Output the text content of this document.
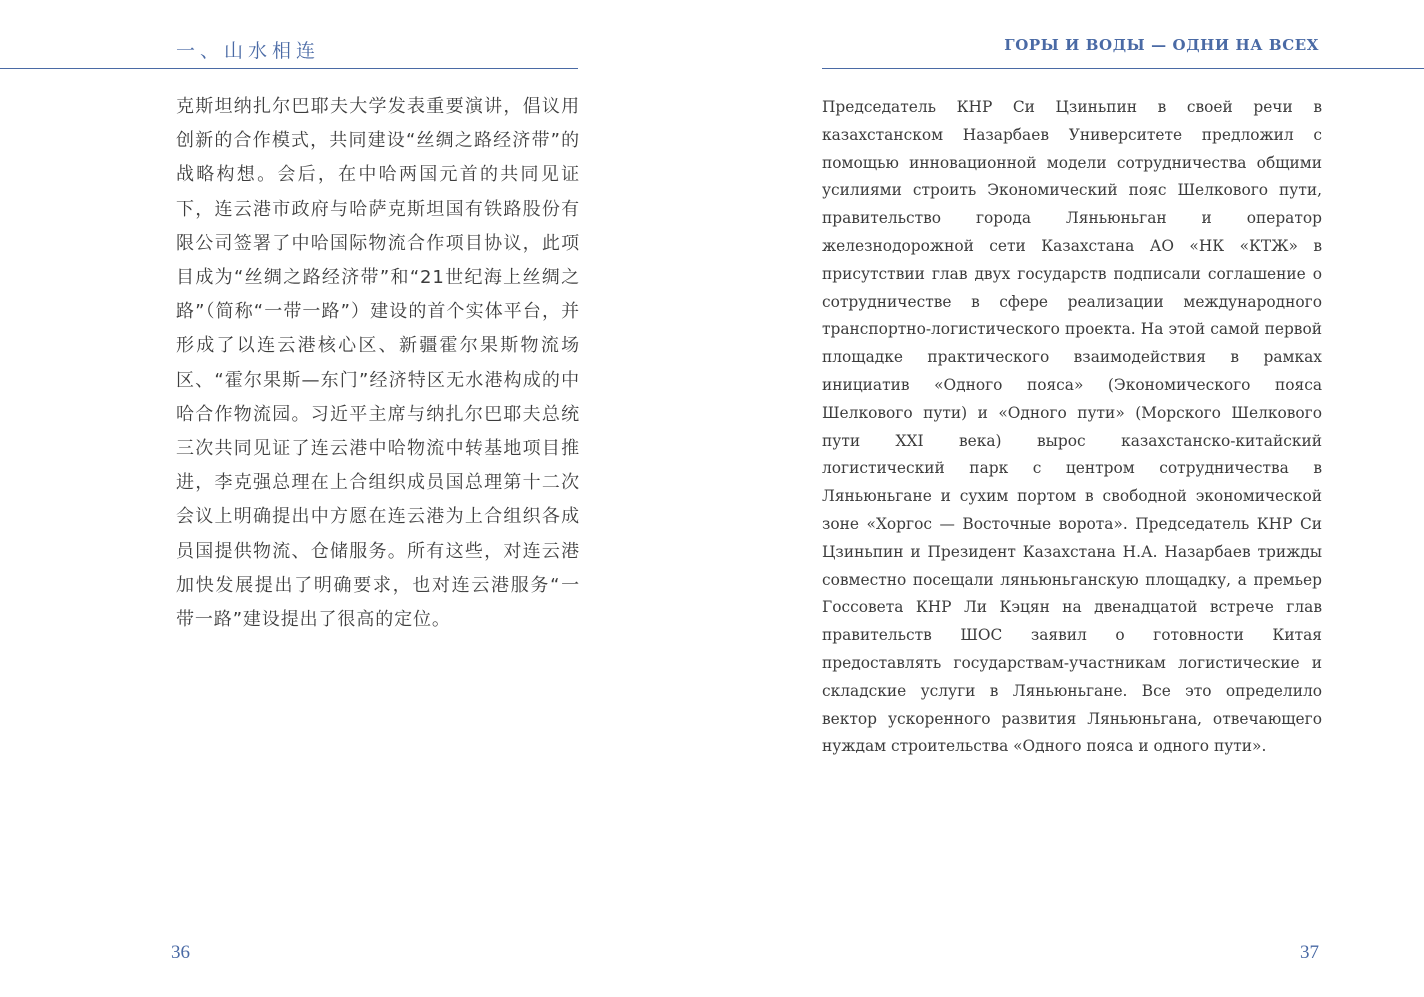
一、山水相连

克斯坦纳扎尔巴耶夫大学发表重要演讲，倡议用创新的合作模式，共同建设“丝绸之路经济带”的战略构想。会后，在中哈两国元首的共同见证下，连云港市政府与哈萨克斯坦国有铁路股份有限公司签署了中哈国际物流合作项目协议，此项目成为“丝绸之路经济带”和“21世纪海上丝绸之路”（简称“一带一路”）建设的首个实体平台，并形成了以连云港核心区、新疆霍尔果斯物流场区、“霍尔果斯—东门”经济特区无水港构成的中哈合作物流园。习近平主席与纳扎尔巴耶夫总统三次共同见证了连云港中哈物流中转基地项目推进，李克强总理在上合组织成员国总理第十二次会议上明确提出中方愿在连云港为上合组织各成员国提供物流、仓储服务。所有这些，对连云港加快发展提出了明确要求，也对连云港服务“一带一路”建设提出了很高的定位。

36
ГОРЫ И ВОДЫ — ОДНИ НА ВСЕХ

Председатель КНР Си Цзиньпин в своей речи в казахстанском Назарбаев Университете предложил с помощью инновационной модели сотрудничества общими усилиями строить Экономический пояс Шелкового пути, правительство города Ляньюньган и оператор железнодорожной сети Казахстана АО «НК «КТЖ» в присутствии глав двух государств подписали соглашение о сотрудничестве в сфере реализации международного транспортно-логистического проекта. На этой самой первой площадке практического взаимодействия в рамках инициатив «Одного пояса» (Экономического пояса Шелкового пути) и «Одного пути» (Морского Шелкового пути XXI века) вырос казахстанско-китайский логистический парк с центром сотрудничества в Ляньюньгане и сухим портом в свободной экономической зоне «Хоргос — Восточные ворота». Председатель КНР Си Цзиньпин и Президент Казахстана Н.А. Назарбаев трижды совместно посещали ляньюньганскую площадку, а премьер Госсовета КНР Ли Кэцян на двенадцатой встрече глав правительств ШОС заявил о готовности Китая предоставлять государствам-участникам логистические и складские услуги в Ляньюньгане. Все это определило вектор ускоренного развития Ляньюньгана, отвечающего нуждам строительства «Одного пояса и одного пути».

37
